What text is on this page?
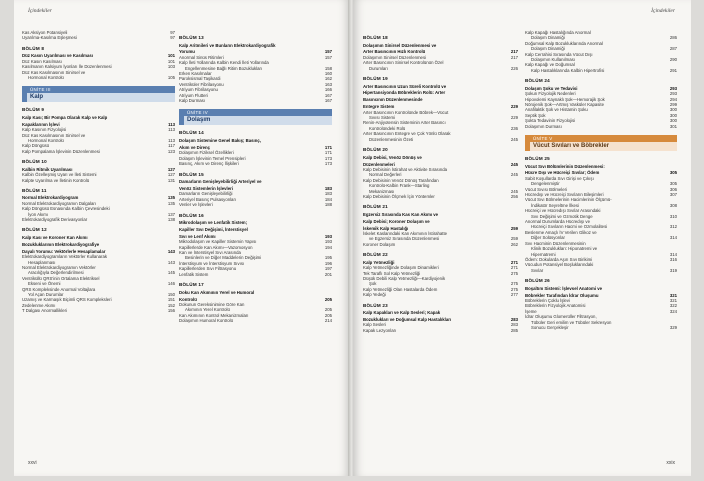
İçindekiler
Kas Aksiyon Potansiyeli	97
Uyarılma-Kasılma Eşleşmesi	97
BÖLÜM 8
Düz Kasın Uyarılması ve Kasılması	101
Düz Kasın Kasılması	101
Kasılmanın Kalsiyum İyonları İle Düzenlenmesi	103
Düz Kas Kasılmasının Sinirsel ve
Hormonal Kontrolü	105
ÜNİTE III
Kalp
BÖLÜM 9
Kalp Kası; Bir Pompa Olarak Kalp ve Kalp
Kapaklarının İşlevi	113
Kalp Kasının Fizyolojisi	113
Düz Kas Kasılmasının Sinirsel ve
Hormonal Kontrolü	113
Kalp Döngüsü	117
Kalp Pompalama İşlevinin Düzenlenmesi	123
BÖLÜM 10
Kalbin Ritmik Uyarılması	127
Kalbin Özelleşmiş Uyarı ve İleti Sistemi	127
Kalpte Uyarılma ve İletinin Kontrolü	131
BÖLÜM 11
Normal Elektrokardiyogram	135
Normal Elektrokardiyogramın Dalgaları	135
Kalp Döngüsü Esnasında Kalbin Çevresindeki
İyon Akımı	137
Elektrokardiyografik Derivasyonlar	138
BÖLÜM 12
Kalp Kası ve Koroner Kan Akımı
Bozukluklarının Elektrokardiyografiye
Dayalı Yorumu: Vektörlerle Hesaplamalar	143
Elektrokardiyogramların Vektörler Kullanarak
Hesaplanması	143
Normal Elektrokardiyogramın Vektörler
Aracılığıyla Değerlendirilmesi	145
Ventriküllü QRS'inin Ortalama Elektriksel
Ekseni ve Önemi	146
QRS Kompleksinde Anormal Voltajlara
Yol Açan Durumlar	150
Uzamış ve Karmaşık Biçimli QRS Kompleksleri	151
Zedelenme Akımı	152
T Dalgası Anormallikleri	156
BÖLÜM 13
Kalp Aritmileri ve Bunların Elektrokardiyografik
Yorumu	157
Anormal Sinüs Ritimleri	157
Kalp İleti Yollarında Kalbin Kendi İleti Yollarında
Engellenmesine Bağlı Ritim Bozuklukları	158
Erken Kasılmalar	160
Paroksismal Taşikardi	162
Ventriküler Fibrilasyonu	163
Atriyum Fibrilasyonu	166
Atriyum Flutteri	167
Kalp Durması	167
ÜNİTE IV
Dolaşım
BÖLÜM 14
Dolaşım Sistemine Genel Bakış; Basınç,
Akım ve Direnç	171
Dolaşımın Fiziksel Özellikleri	171
Dolaşım İşlevinin Temel Prensipleri	173
Basınç, Akım ve Direnç İlişkileri	173
BÖLÜM 15
Damarların Genişleyebilirliği Arteriyel ve
Venöz Sistemlerin İşlevleri	183
Damarların Genişleyebilirliği	183
Arteriyel Basınç Pulsasyonları	184
Venler ve İşlevleri	188
BÖLÜM 16
Mikrodolaşım ve Lenfatik Sistem;
Kapiller Sıvı Değişimi, İnterstisyel
Sıvı ve Lenf Akımı	193
Mikrodolaşım ve Kapiller Sistemin Yapısı	193
Kapillerlerde Kan Akımı—Vazomosyon	194
Kan ve İnterstisyel Sıvı Arasında
Besinlerin ve Diğer Maddelerin Değişimi	195
İnterstisyum ve İnterstisyum Sıvısı	196
Kapillerlerden Sıvı Filtrasyonu	197
Lenfatik Sistem	201
BÖLÜM 17
Doku Kan Akımının Yerel ve Humoral
Kontrolü	205
Dokunun Gereksinimine Göre Kan
Akımının Yerel Kontrolü	205
Kan Akımının Kontrol Mekanizmaları	205
Dolaşımın Humoral Kontrolü	214
xxvi
İçindekiler
BÖLÜM 18
Dolaşımın Sinirsel Düzenlenmesi ve
Arter Basıncının Hızlı Kontrolü	217
Dolaşımın Sinirsel Düzenlenmesi	217
Arter Basıncının Sinirsel Kontrolünün Özel
Durumları	226
BÖLÜM 19
Arter Basıncının Uzun Süreli Kontrolü ve
Hipertansiyonda Böbreklerin Rolü: Arter
Basıncının Düzenlenmesinde
Entegre Sistem	229
Arter Basıncının Kontrolünde Böbrek—Vücut
Sıvısı Sistemi	229
Renin-Anjiyotensin Sisteminin Arter Basıncı
Kontrolündeki Rolü	236
Arter Basıncının Entegre ve Çok Yönlü Olarak
Düzenlenmesinin Özeti	245
BÖLÜM 20
Kalp Debisi, Venöz Dönüş ve
Düzenlenmeleri	245
Kalp Debisinin İstirahat ve Aktivite Sırasında
Normal Değerleri	245
Kalp Debisinin Venöz Dönüş Tarafından
Kontrolü-Kalbin Frank—Starling
Mekanizması	245
Kalp Debisinin Ölçmek İçin Yöntemler	256
BÖLÜM 21
Egzersiz Sırasında Kas Kan Akımı ve
Kalp Debisi; Koroner Dolaşım ve
İskemik Kalp Hastalığı	259
İskelet Kaslarındaki Kan Akımının İstirahatte
ve Egzersiz Sırasında Düzenlenmesi	259
Koroner Dolaşım	262
BÖLÜM 22
Kalp Yetmezliği	271
Kalp Yetmezliğinde Dolaşım Dinamikleri	271
Tek Taraflı Sol Kalp Yetmezliği	275
Düşük Debili Kalp Yetmezliği—Kardiyojenik
Şok	275
Kalp Yetmezliği Olan Hastalarda Ödem	275
Kalp Yedeği	277
BÖLÜM 23
Kalp Kapakları ve Kalp Sesleri; Kapak
Bozuklukları ve Doğumsal Kalp Hastalıkları	283
Kalp Sesleri	283
Kapak Lezyonları	285
Kalp Kapağı Hastalığında Anormal
Dolaşım Dinamiği	286
Doğumsal Kalp Bozukluklarında Anormal
Dolaşım Dinamiği	287
Kalp Cerrahisi Sırasında Vücut Dışı
Dolaşımın Kullanılması	290
Kalp Kapağı ve Doğumsal
Kalp Hastalıklarında Kalbin Hipertrofisi	291
BÖLÜM 24
Dolaşım Şoku ve Tedavisi	293
Şokun Fizyolojik Nedenleri	293
Hipovolemi Kaynaklı Şok—Hemorajik Şok	294
Nörojenik Şok—Artmış Vasküler Kapasite	299
Anafilaktik Şok ve Histamin Şoku	300
Septik Şok	300
Şokta Tedavinin Fizyolojisi	300
Dolaşımın Durması	301
ÜNİTE V
Vücut Sıvıları ve Böbrekler
BÖLÜM 25
Vücut Sıvı Bölümlerinin Düzenlenmesi:
Hücre Dışı ve Hücreiçi Sıvılar; Ödem	305
Sabit Koşullarda Sıvı Girişi ve Çıkışı
Dengelenmiştir	305
Vücut Sıvısı Bölmeleri	306
Hücredışı ve Hücreiçi Sıvıların Bileşimleri	307
Vücut Sıvı Bölmelerinin Hacimlerinin Ölçümü-
İndikatör Seyreltme İlkesi	308
Hücreiçi ve Hücredışı Sıvılar Arasındaki
Sıvı Değişimi ve Ozmotik Denge	310
Anormal Durumlarda Hücredışı ve
Hücreiçi Sıvıların Hacmi ve Ozmolalitesi	312
Beslenme Amaçlı İV Verilen Glikoz ve
Diğer Solüsyonlar	314
Sıvı Hacminin Düzenlenmesinin
Klinik Bozuklukları: Hiponatremi ve
Hipernatremi	314
Ödem: Dokularda Aşırı Sıvı Birikimi	316
Vücudun Potansiyel Boşluklarındaki
Sıvılar	319
BÖLÜM 26
Boşaltım Sistemi: İşlevsel Anatomi ve
Böbrekler Tarafından İdrar Oluşumu	321
Böbreklerin Çoklu İşlevi	321
Böbreklerin Fizyolojik Anatomisi	322
İşeme	324
İdrar Oluşumu Glomerüller Filtrasyon,
Tübüler Geri emilim ve Tübüler Sekresyon
Sonucu Gerçekleşir	329
xxix
